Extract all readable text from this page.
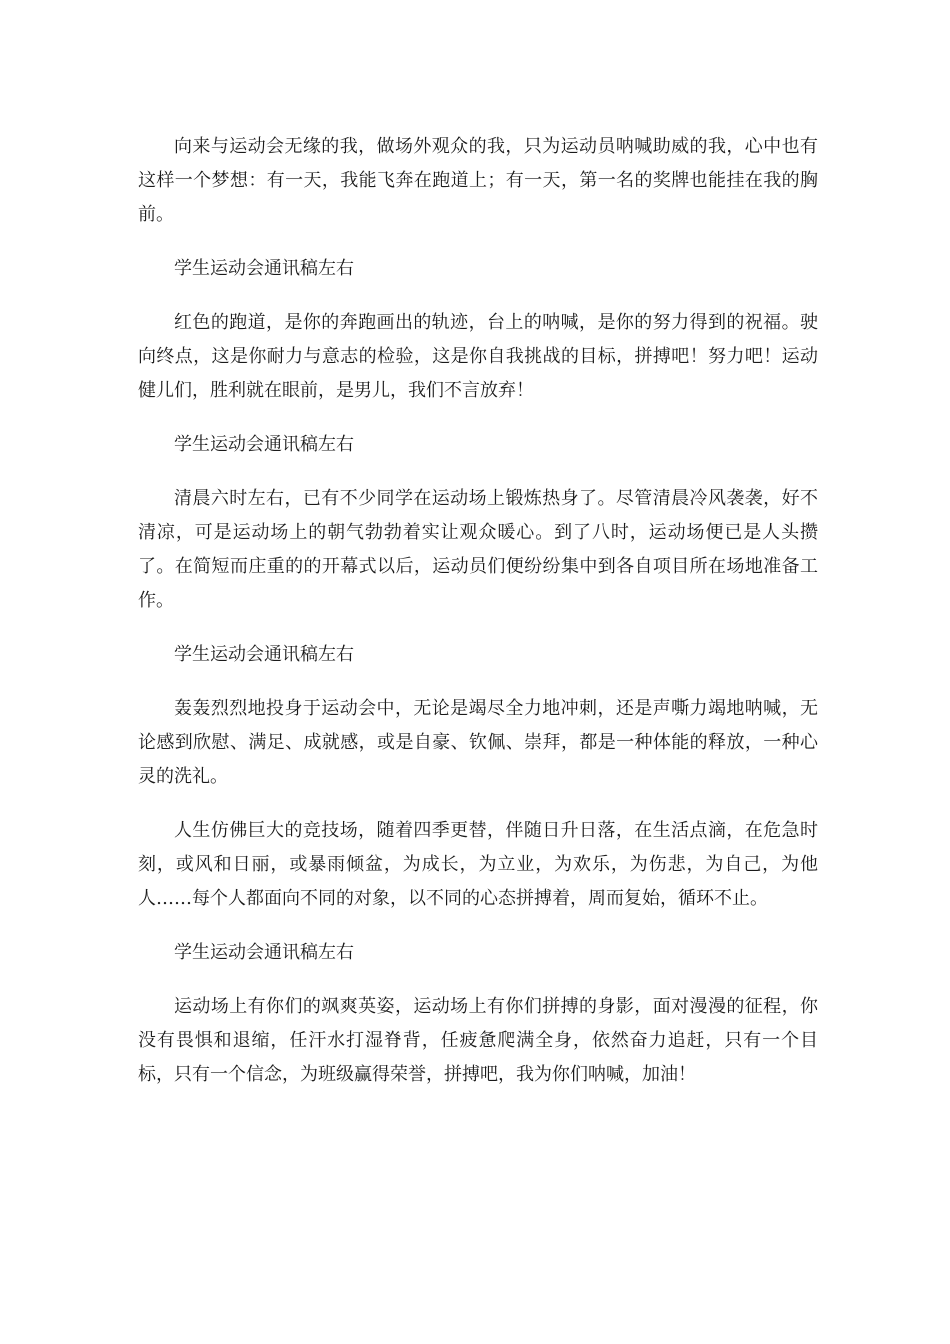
向来与运动会无缘的我，做场外观众的我，只为运动员呐喊助威的我，心中也有这样一个梦想：有一天，我能飞奔在跑道上；有一天，第一名的奖牌也能挂在我的胸前。

学生运动会通讯稿左右

红色的跑道，是你的奔跑画出的轨迹，台上的呐喊，是你的努力得到的祝福。驶向终点，这是你耐力与意志的检验，这是你自我挑战的目标，拼搏吧！努力吧！运动健儿们，胜利就在眼前，是男儿，我们不言放弃！

学生运动会通讯稿左右

清晨六时左右，已有不少同学在运动场上锻炼热身了。尽管清晨冷风袭袭，好不清凉，可是运动场上的朝气勃勃着实让观众暖心。到了八时，运动场便已是人头攒了。在简短而庄重的的开幕式以后，运动员们便纷纷集中到各自项目所在场地准备工作。

学生运动会通讯稿左右

轰轰烈烈地投身于运动会中，无论是竭尽全力地冲刺，还是声嘶力竭地呐喊，无论感到欣慰、满足、成就感，或是自豪、钦佩、崇拜，都是一种体能的释放，一种心灵的洗礼。

人生仿佛巨大的竞技场，随着四季更替，伴随日升日落，在生活点滴，在危急时刻，或风和日丽，或暴雨倾盆，为成长，为立业，为欢乐，为伤悲，为自己，为他人……每个人都面向不同的对象，以不同的心态拼搏着，周而复始，循环不止。

学生运动会通讯稿左右

运动场上有你们的飒爽英姿，运动场上有你们拼搏的身影，面对漫漫的征程，你没有畏惧和退缩，任汗水打湿脊背，任疲惫爬满全身，依然奋力追赶，只有一个目标，只有一个信念，为班级赢得荣誉，拼搏吧，我为你们呐喊，加油！
